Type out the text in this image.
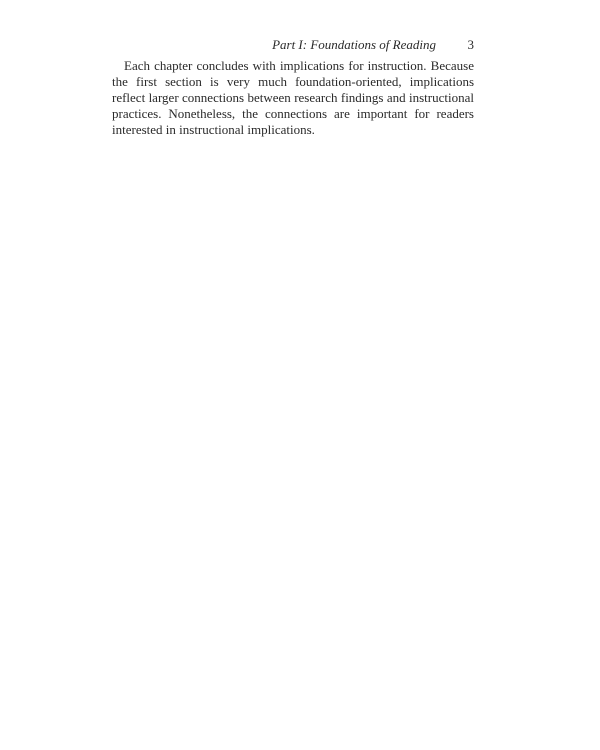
Part I: Foundations of Reading 3

Each chapter concludes with implications for instruction. Because the first section is very much foundation-oriented, implications reflect larger connections between research findings and instructional practices. Nonetheless, the connections are important for readers interested in instructional implications.
